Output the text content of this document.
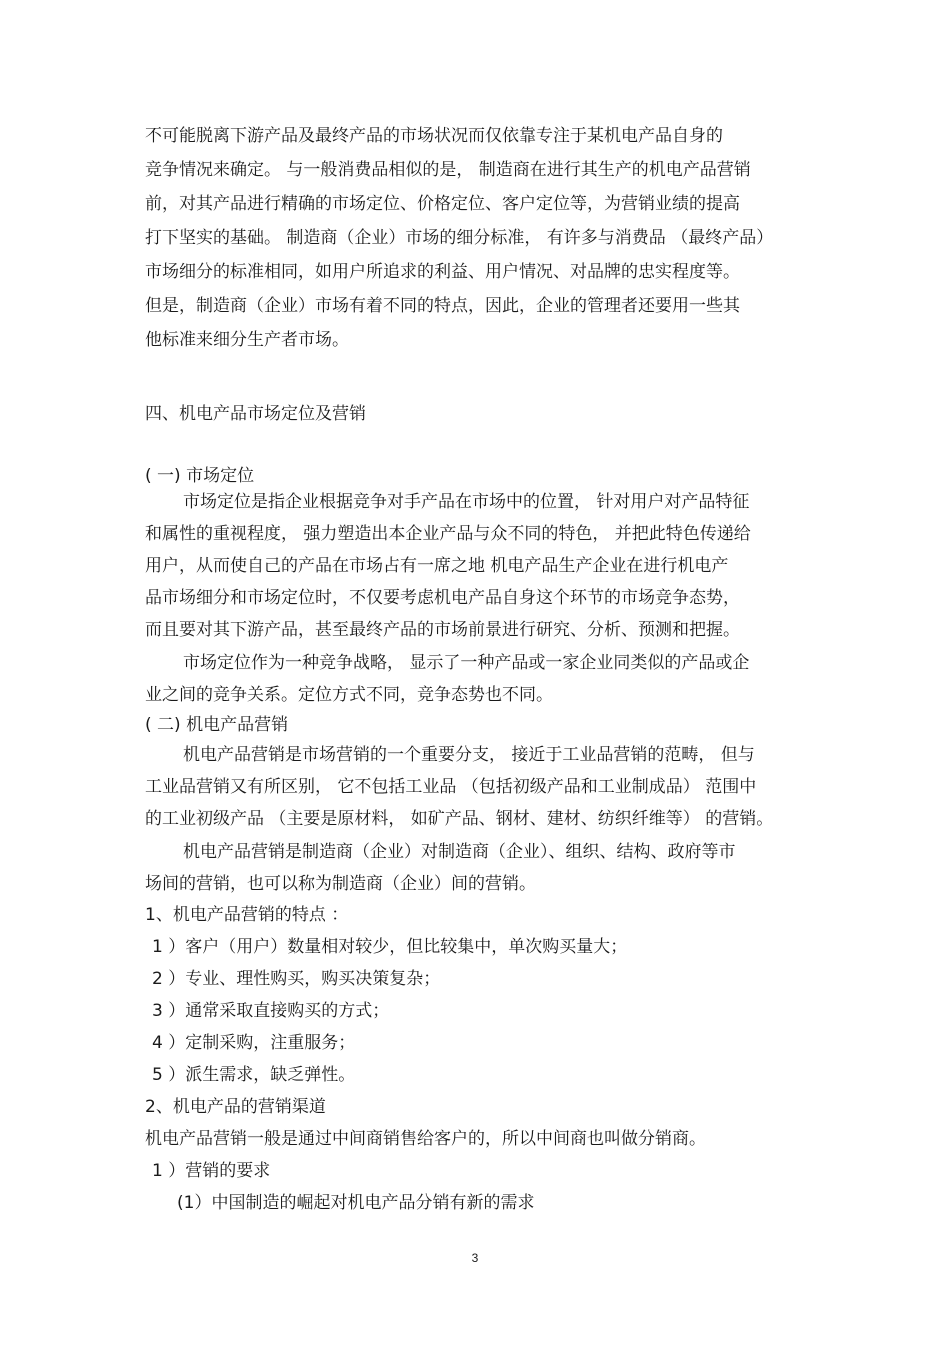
不可能脱离下游产品及最终产品的市场状况而仅依靠专注于某机电产品自身的
竞争情况来确定。 与一般消费品相似的是， 制造商在进行其生产的机电产品营销
前，对其产品进行精确的市场定位、价格定位、客户定位等，为营销业绩的提高
打下坚实的基础。 制造商（企业）市场的细分标准， 有许多与消费品 （最终产品）
市场细分的标准相同，如用户所追求的利益、用户情况、对品牌的忠实程度等。
但是，制造商（企业）市场有着不同的特点，因此，企业的管理者还要用一些其
他标准来细分生产者市场。
四、机电产品市场定位及营销
( 一) 市场定位
市场定位是指企业根据竞争对手产品在市场中的位置， 针对用户对产品特征
和属性的重视程度， 强力塑造出本企业产品与众不同的特色， 并把此特色传递给
用户，从而使自己的产品在市场占有一席之地 机电产品生产企业在进行机电产
品市场细分和市场定位时，不仅要考虑机电产品自身这个环节的市场竞争态势，
而且要对其下游产品，甚至最终产品的市场前景进行研究、分析、预测和把握。
市场定位作为一种竞争战略， 显示了一种产品或一家企业同类似的产品或企
业之间的竞争关系。定位方式不同，竞争态势也不同。
( 二) 机电产品营销
机电产品营销是市场营销的一个重要分支， 接近于工业品营销的范畴， 但与
工业品营销又有所区别， 它不包括工业品 （包括初级产品和工业制成品） 范围中
的工业初级产品 （主要是原材料， 如矿产品、钢材、建材、纺织纤维等） 的营销。
机电产品营销是制造商（企业）对制造商（企业）、组织、结构、政府等市
场间的营销，也可以称为制造商（企业）间的营销。
1、机电产品营销的特点 ：
1 ）客户（用户）数量相对较少，但比较集中，单次购买量大；
2 ）专业、理性购买，购买决策复杂；
3 ）通常采取直接购买的方式；
4 ）定制采购，注重服务；
5 ）派生需求，缺乏弹性。
2、机电产品的营销渠道
机电产品营销一般是通过中间商销售给客户的，所以中间商也叫做分销商。
1 ）营销的要求
(1）中国制造的崛起对机电产品分销有新的需求
3
